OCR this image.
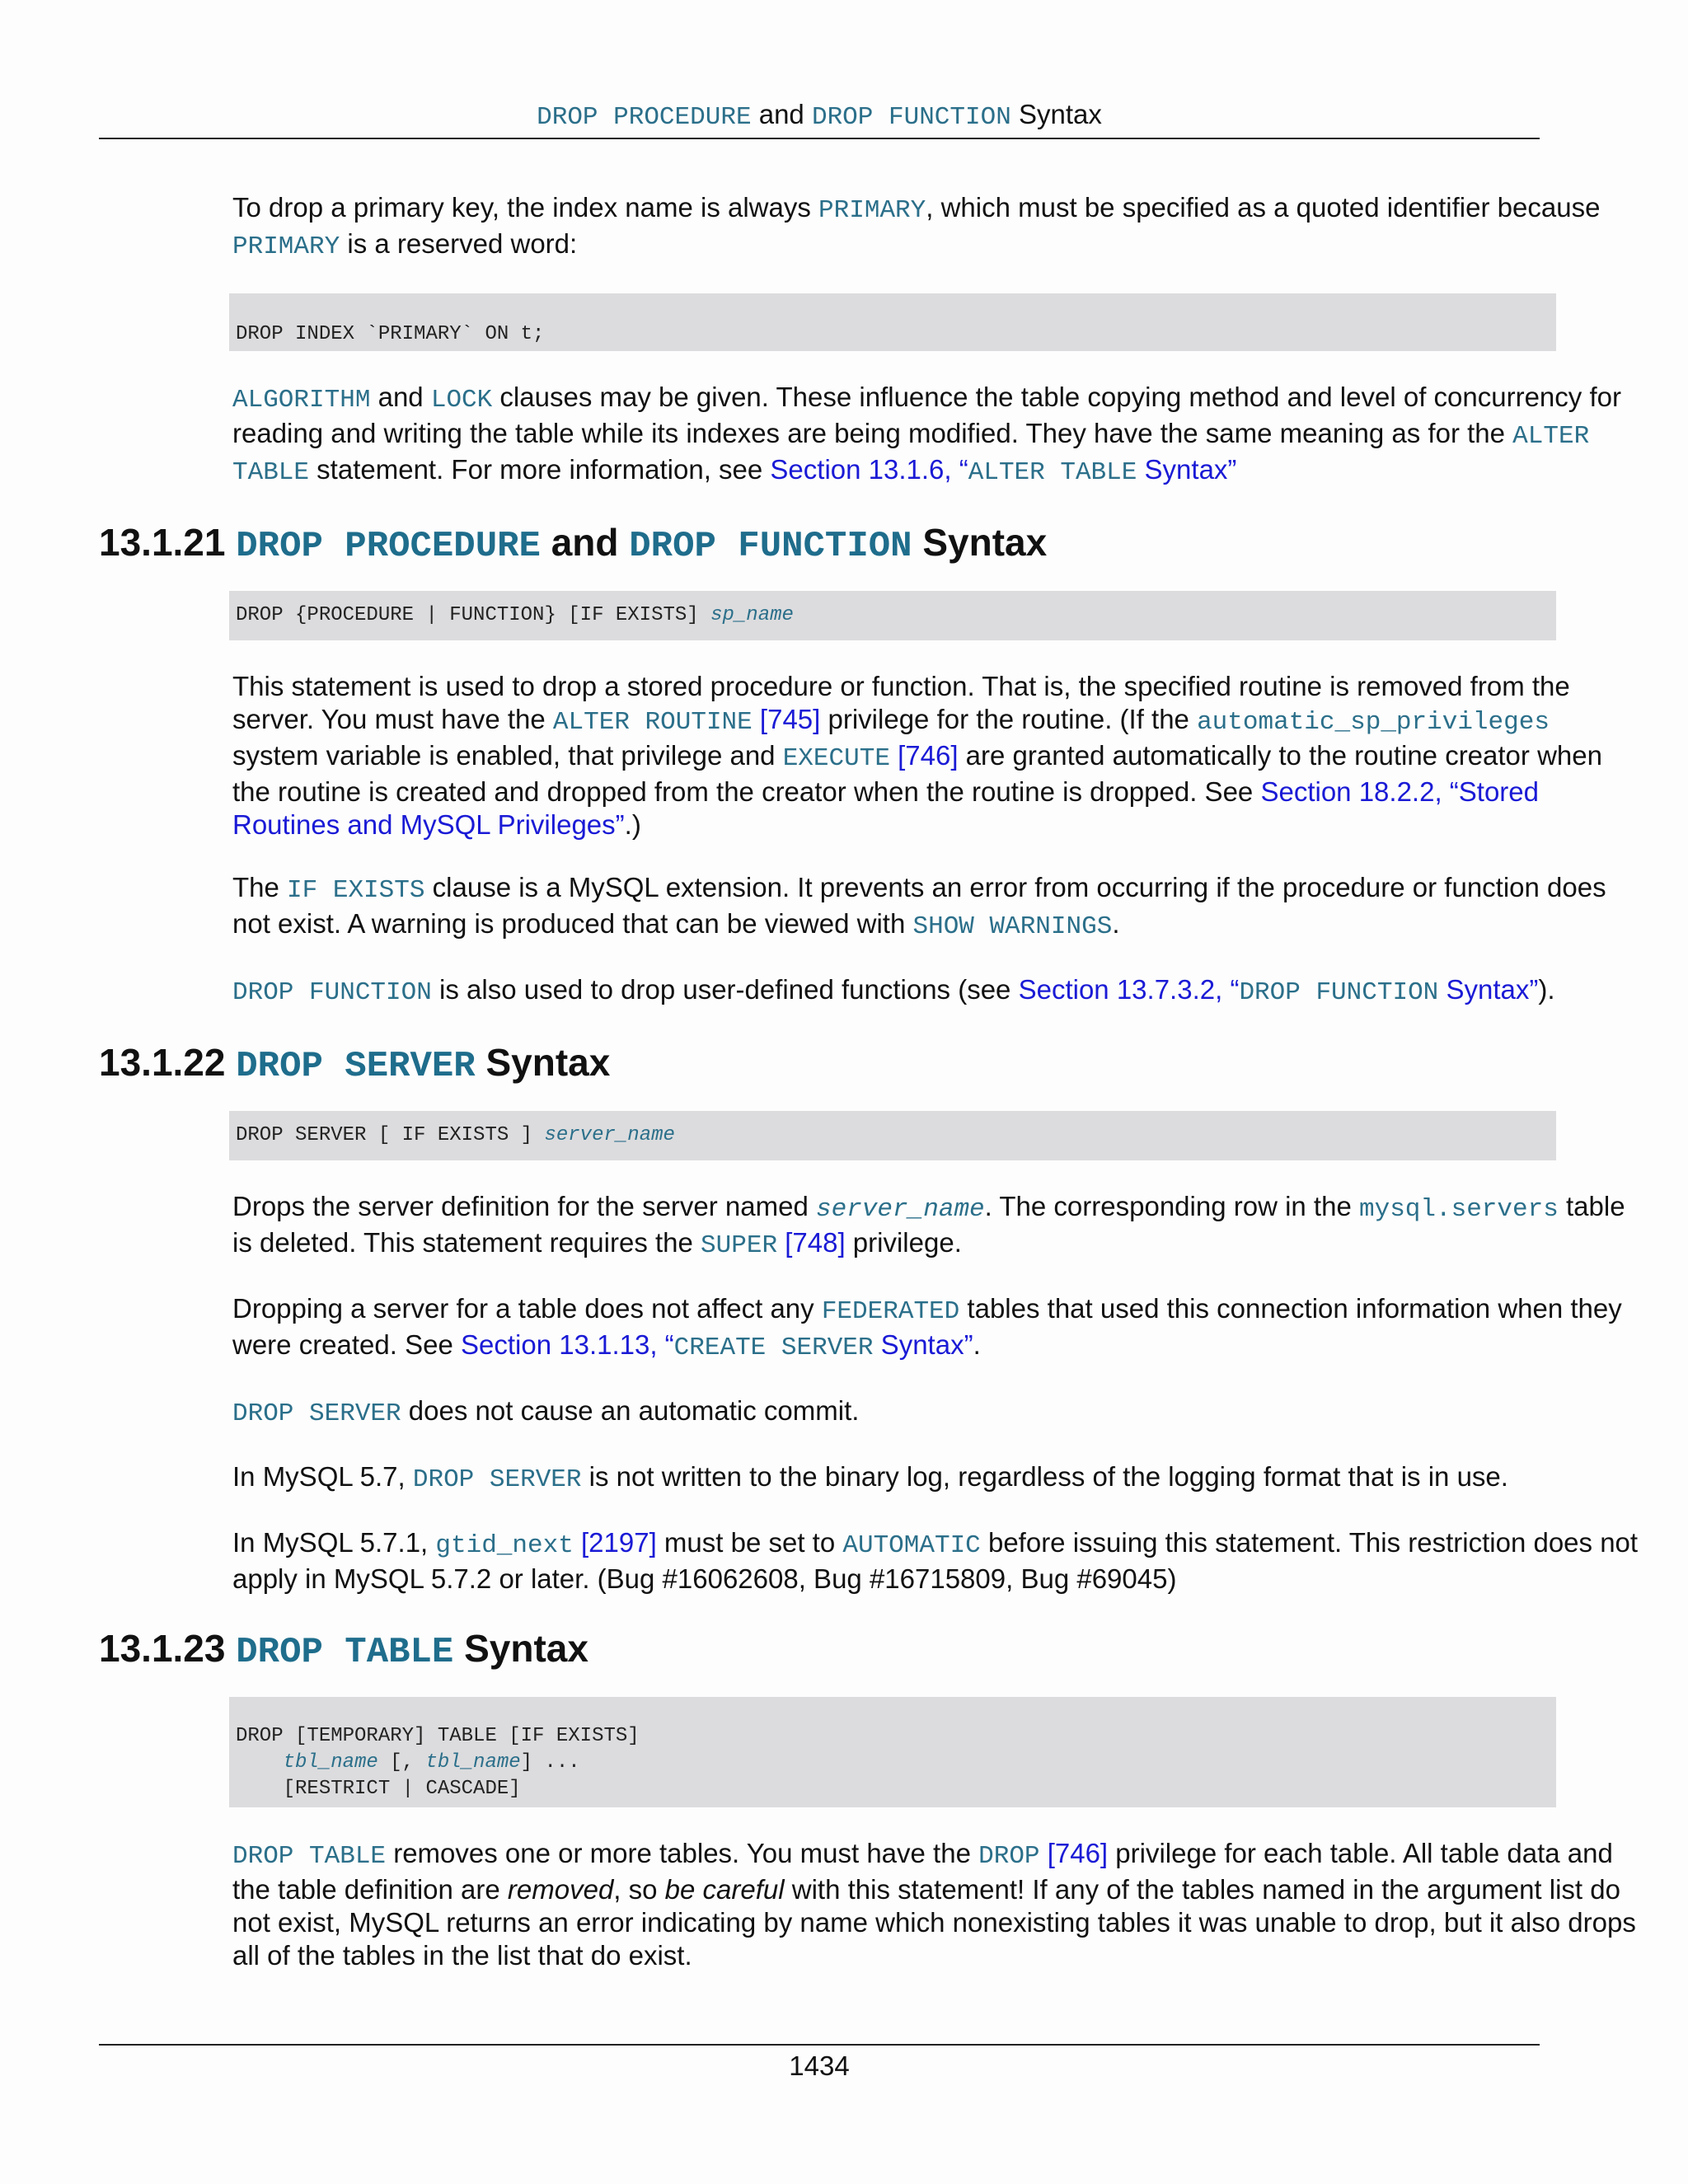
DROP PROCEDURE and DROP FUNCTION Syntax

To drop a primary key, the index name is always PRIMARY, which must be specified as a quoted identifier because PRIMARY is a reserved word:

DROP INDEX `PRIMARY` ON t;

ALGORITHM and LOCK clauses may be given. These influence the table copying method and level of concurrency for reading and writing the table while its indexes are being modified. They have the same meaning as for the ALTER TABLE statement. For more information, see Section 13.1.6, “ALTER TABLE Syntax”

13.1.21 DROP PROCEDURE and DROP FUNCTION Syntax
DROP {PROCEDURE | FUNCTION} [IF EXISTS] sp_name

This statement is used to drop a stored procedure or function. That is, the specified routine is removed from the server. You must have the ALTER ROUTINE [745] privilege for the routine. (If the automatic_sp_privileges system variable is enabled, that privilege and EXECUTE [746] are granted automatically to the routine creator when the routine is created and dropped from the creator when the routine is dropped. See Section 18.2.2, “Stored Routines and MySQL Privileges”.)

The IF EXISTS clause is a MySQL extension. It prevents an error from occurring if the procedure or function does not exist. A warning is produced that can be viewed with SHOW WARNINGS.

DROP FUNCTION is also used to drop user-defined functions (see Section 13.7.3.2, “DROP FUNCTION Syntax”).

13.1.22 DROP SERVER Syntax
DROP SERVER [ IF EXISTS ] server_name

Drops the server definition for the server named server_name. The corresponding row in the mysql.servers table is deleted. This statement requires the SUPER [748] privilege.

Dropping a server for a table does not affect any FEDERATED tables that used this connection information when they were created. See Section 13.1.13, “CREATE SERVER Syntax”.

DROP SERVER does not cause an automatic commit.

In MySQL 5.7, DROP SERVER is not written to the binary log, regardless of the logging format that is in use.

In MySQL 5.7.1, gtid_next [2197] must be set to AUTOMATIC before issuing this statement. This restriction does not apply in MySQL 5.7.2 or later. (Bug #16062608, Bug #16715809, Bug #69045)

13.1.23 DROP TABLE Syntax
DROP [TEMPORARY] TABLE [IF EXISTS]
tbl_name [, tbl_name] ...
[RESTRICT | CASCADE]

DROP TABLE removes one or more tables. You must have the DROP [746] privilege for each table. All table data and the table definition are removed, so be careful with this statement! If any of the tables named in the argument list do not exist, MySQL returns an error indicating by name which nonexisting tables it was unable to drop, but it also drops all of the tables in the list that do exist.

1434
